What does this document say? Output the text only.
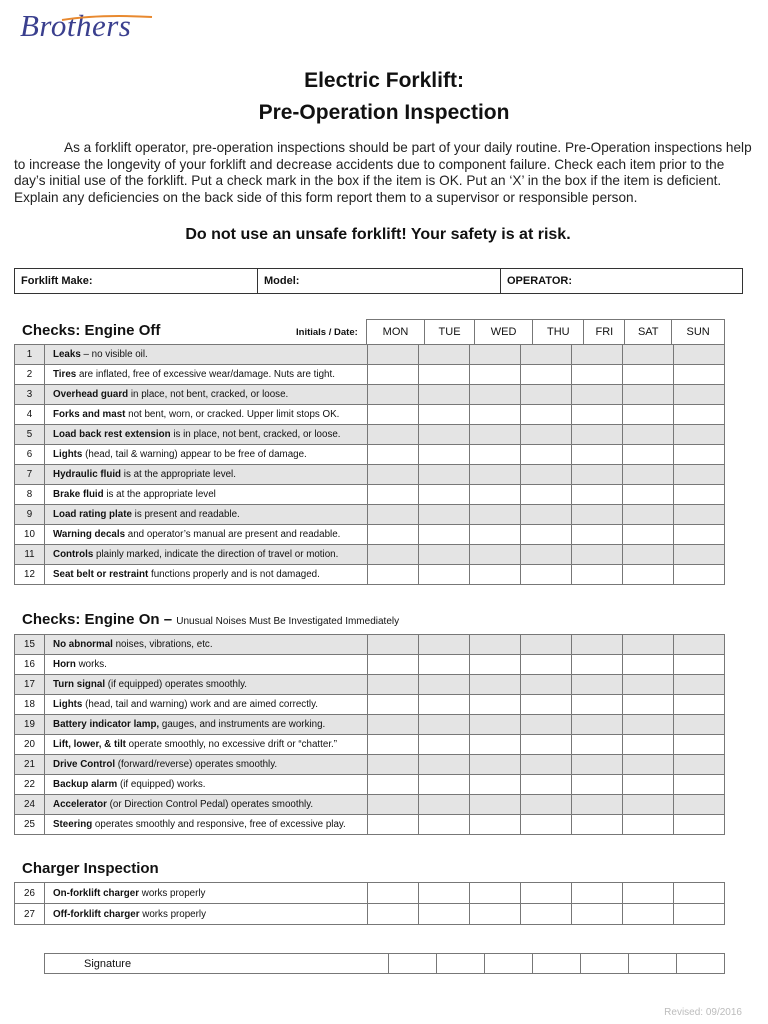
Brothers
Electric Forklift:
Pre-Operation Inspection
As a forklift operator, pre-operation inspections should be part of your daily routine. Pre-Operation inspections help to increase the longevity of your forklift and decrease accidents due to component failure. Check each item prior to the day’s initial use of the forklift. Put a check mark in the box if the item is OK. Put an ‘X’ in the box if the item is deficient. Explain any deficiencies on the back side of this form report them to a supervisor or responsible person.
Do not use an unsafe forklift! Your safety is at risk.
Forklift Make:	Model:	OPERATOR:
Checks: Engine Off	Initials / Date: MON	TUE	WED	THU	FRI	SAT	SUN
1	Leaks – no visible oil.							
2	Tires are inflated, free of excessive wear/damage. Nuts are tight.							
3	Overhead guard in place, not bent, cracked, or loose.							
4	Forks and mast not bent, worn, or cracked. Upper limit stops OK.							
5	Load back rest extension is in place, not bent, cracked, or loose.							
6	Lights (head, tail & warning) appear to be free of damage.							
7	Hydraulic fluid is at the appropriate level.							
8	Brake fluid is at the appropriate level							
9	Load rating plate is present and readable.							
10	Warning decals and operator’s manual are present and readable.							
11	Controls plainly marked, indicate the direction of travel or motion.							
12	Seat belt or restraint functions properly and is not damaged.							
Checks: Engine On – Unusual Noises Must Be Investigated Immediately
15	No abnormal noises, vibrations, etc.							
16	Horn works.							
17	Turn signal (if equipped) operates smoothly.							
18	Lights (head, tail and warning) work and are aimed correctly.							
19	Battery indicator lamp, gauges, and instruments are working.							
20	Lift, lower, & tilt operate smoothly, no excessive drift or “chatter.”							
21	Drive Control (forward/reverse) operates smoothly.							
22	Backup alarm (if equipped) works.							
24	Accelerator (or Direction Control Pedal) operates smoothly.							
25	Steering operates smoothly and responsive, free of excessive play.							
Charger Inspection
26	On-forklift charger works properly							
27	Off-forklift charger works properly							
Signature							
Revised: 09/2016
